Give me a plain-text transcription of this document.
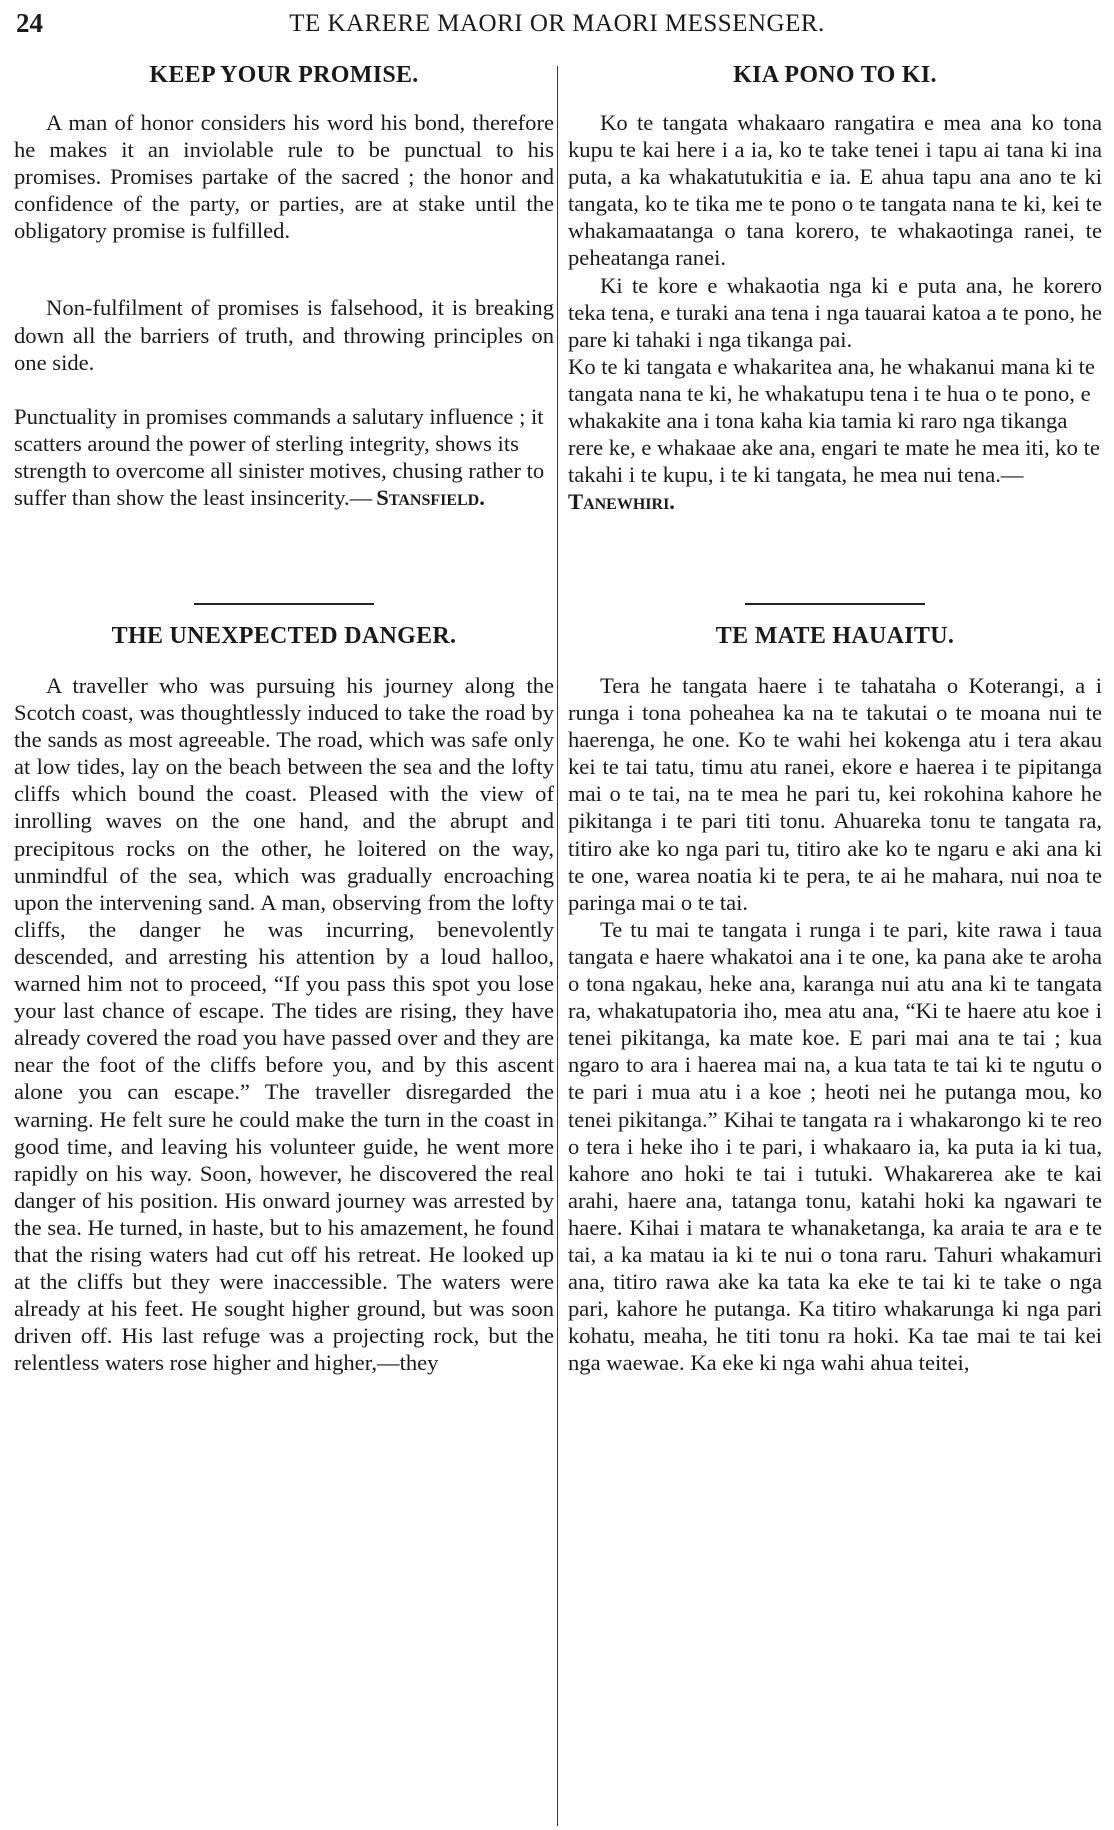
24	TE KARERE MAORI OR MAORI MESSENGER.
KEEP YOUR PROMISE.

A man of honor considers his word his bond, therefore he makes it an inviolable rule to be punctual to his promises. Promises partake of the sacred ; the honor and confidence of the party, or parties, are at stake until the obligatory promise is fulfilled.

Non-fulfilment of promises is falsehood, it is breaking down all the barriers of truth, and throwing principles on one side.

Punctuality in promises commands a salutary influence ; it scatters around the power of sterling integrity, shows its strength to overcome all sinister motives, chusing rather to suffer than show the least insincerity.— Stansfield.
THE UNEXPECTED DANGER.

A traveller who was pursuing his journey along the Scotch coast, was thoughtlessly induced to take the road by the sands as most agreeable. The road, which was safe only at low tides, lay on the beach between the sea and the lofty cliffs which bound the coast. Pleased with the view of inrolling waves on the one hand, and the abrupt and precipitous rocks on the other, he loitered on the way, unmindful of the sea, which was gradually encroaching upon the intervening sand. A man, observing from the lofty cliffs, the danger he was incurring, benevolently descended, and arresting his attention by a loud halloo, warned him not to proceed, “If you pass this spot you lose your last chance of escape. The tides are rising, they have already covered the road you have passed over and they are near the foot of the cliffs before you, and by this ascent alone you can escape.” The traveller disregarded the warning. He felt sure he could make the turn in the coast in good time, and leaving his volunteer guide, he went more rapidly on his way. Soon, however, he discovered the real danger of his position. His onward journey was arrested by the sea. He turned, in haste, but to his amazement, he found that the rising waters had cut off his retreat. He looked up at the cliffs but they were inaccessible. The waters were already at his feet. He sought higher ground, but was soon driven off. His last refuge was a projecting rock, but the relentless waters rose higher and higher,—they

KIA PONO TO KI.

Ko te tangata whakaaro rangatira e mea ana ko tona kupu te kai here i a ia, ko te take tenei i tapu ai tana ki ina puta, a ka whakatutukitia e ia. E ahua tapu ana ano te ki tangata, ko te tika me te pono o te tangata nana te ki, kei te whakamaatanga o tana korero, te whakaotinga ranei, te peheatanga ranei.

Ki te kore e whakaotia nga ki e puta ana, he korero teka tena, e turaki ana tena i nga tauarai katoa a te pono, he pare ki tahaki i nga tikanga pai.

Ko te ki tangata e whakaritea ana, he whakanui mana ki te tangata nana te ki, he whakatupu tena i te hua o te pono, e whakakite ana i tona kaha kia tamia ki raro nga tikanga rere ke, e whakaae ake ana, engari te mate he mea iti, ko te takahi i te kupu, i te ki tangata, he mea nui tena.—

Tanewhiri.
TE MATE HAUAITU.

Tera he tangata haere i te tahataha o Koterangi, a i runga i tona poheahea ka na te takutai o te moana nui te haerenga, he one. Ko te wahi hei kokenga atu i tera akau kei te tai tatu, timu atu ranei, ekore e haerea i te pipitanga mai o te tai, na te mea he pari tu, kei rokohina kahore he pikitanga i te pari titi tonu. Ahuareka tonu te tangata ra, titiro ake ko nga pari tu, titiro ake ko te ngaru e aki ana ki te one, warea noatia ki te pera, te ai he mahara, nui noa te paringa mai o te tai.

Te tu mai te tangata i runga i te pari, kite rawa i taua tangata e haere whakatoi ana i te one, ka pana ake te aroha o tona ngakau, heke ana, karanga nui atu ana ki te tangata ra, whakatupatoria iho, mea atu ana, “Ki te haere atu koe i tenei pikitanga, ka mate koe. E pari mai ana te tai ; kua ngaro to ara i haerea mai na, a kua tata te tai ki te ngutu o te pari i mua atu i a koe ; heoti nei he putanga mou, ko tenei pikitanga.” Kihai te tangata ra i whakarongo ki te reo o tera i heke iho i te pari, i whakaaro ia, ka puta ia ki tua, kahore ano hoki te tai i tutuki. Whakarerea ake te kai arahi, haere ana, tatanga tonu, katahi hoki ka ngawari te haere. Kihai i matara te whanaketanga, ka araia te ara e te tai, a ka matau ia ki te nui o tona raru. Tahuri whakamuri ana, titiro rawa ake ka tata ka eke te tai ki te take o nga pari, kahore he putanga. Ka titiro whakarunga ki nga pari kohatu, meaha, he titi tonu ra hoki. Ka tae mai te tai kei nga waewae. Ka eke ki nga wahi ahua teitei,
